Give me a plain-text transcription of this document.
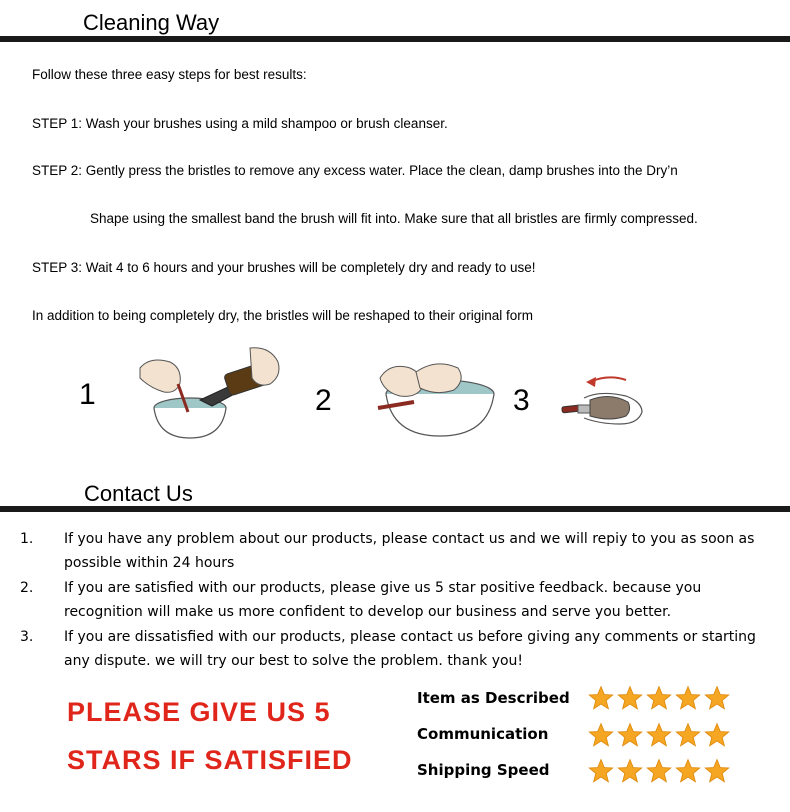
Cleaning Way
Follow these three easy steps for best results:
STEP 1: Wash your brushes using a mild shampoo or brush cleanser.
STEP 2: Gently press the bristles to remove any excess water. Place the clean, damp brushes into the Dry’n
Shape using the smallest band the brush will fit into. Make sure that all bristles are firmly compressed.
STEP 3: Wait 4 to 6 hours and your brushes will be completely dry and ready to use!
In addition to being completely dry, the bristles will be reshaped to their original form
1	2	3
Contact Us
1. If you have any problem about our products, please contact us and we will repiy to you as soon as possible within 24 hours
2. If you are satisfied with our products, please give us 5 star positive feedback. because you recognition will make us more confident to develop our business and serve you better.
3. If you are dissatisfied with our products, please contact us before giving any comments or starting any dispute. we will try our best to solve the problem. thank you!
PLEASE GIVE US 5
STARS IF SATISFIED
Item as Described
Communication
Shipping Speed
